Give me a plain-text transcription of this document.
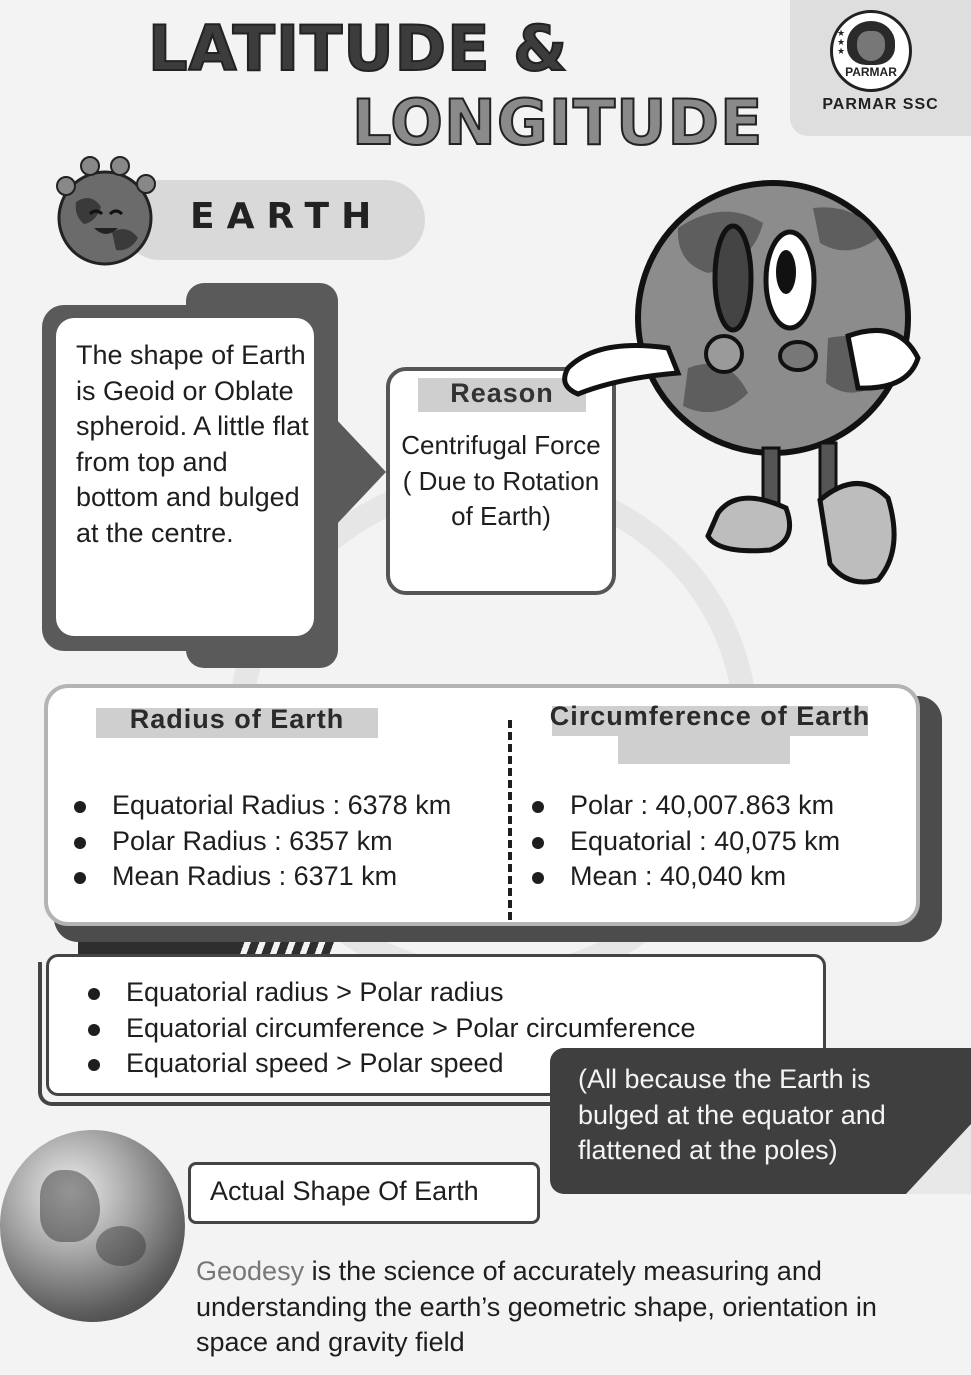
LATITUDE &
LONGITUDE
★
★
★
PARMAR
PARMAR SSC
EARTH
The shape of Earth is Geoid or Oblate spheroid. A little flat from top and bottom and bulged at the centre.
Reason
Centrifugal Force ( Due to Rotation of Earth)
Radius of Earth
Equatorial Radius : 6378 km
Polar Radius : 6357 km
Mean Radius : 6371 km
Circumference of Earth
Polar : 40,007.863 km
Equatorial : 40,075 km
Mean : 40,040 km
Equatorial radius > Polar radius
Equatorial circumference > Polar circumference
Equatorial speed > Polar speed
(All because the Earth is bulged at the equator and flattened at the poles)
Actual Shape Of Earth
Geodesy is the science of accurately measuring and understanding the earth’s geometric shape, orientation in space and gravity field
